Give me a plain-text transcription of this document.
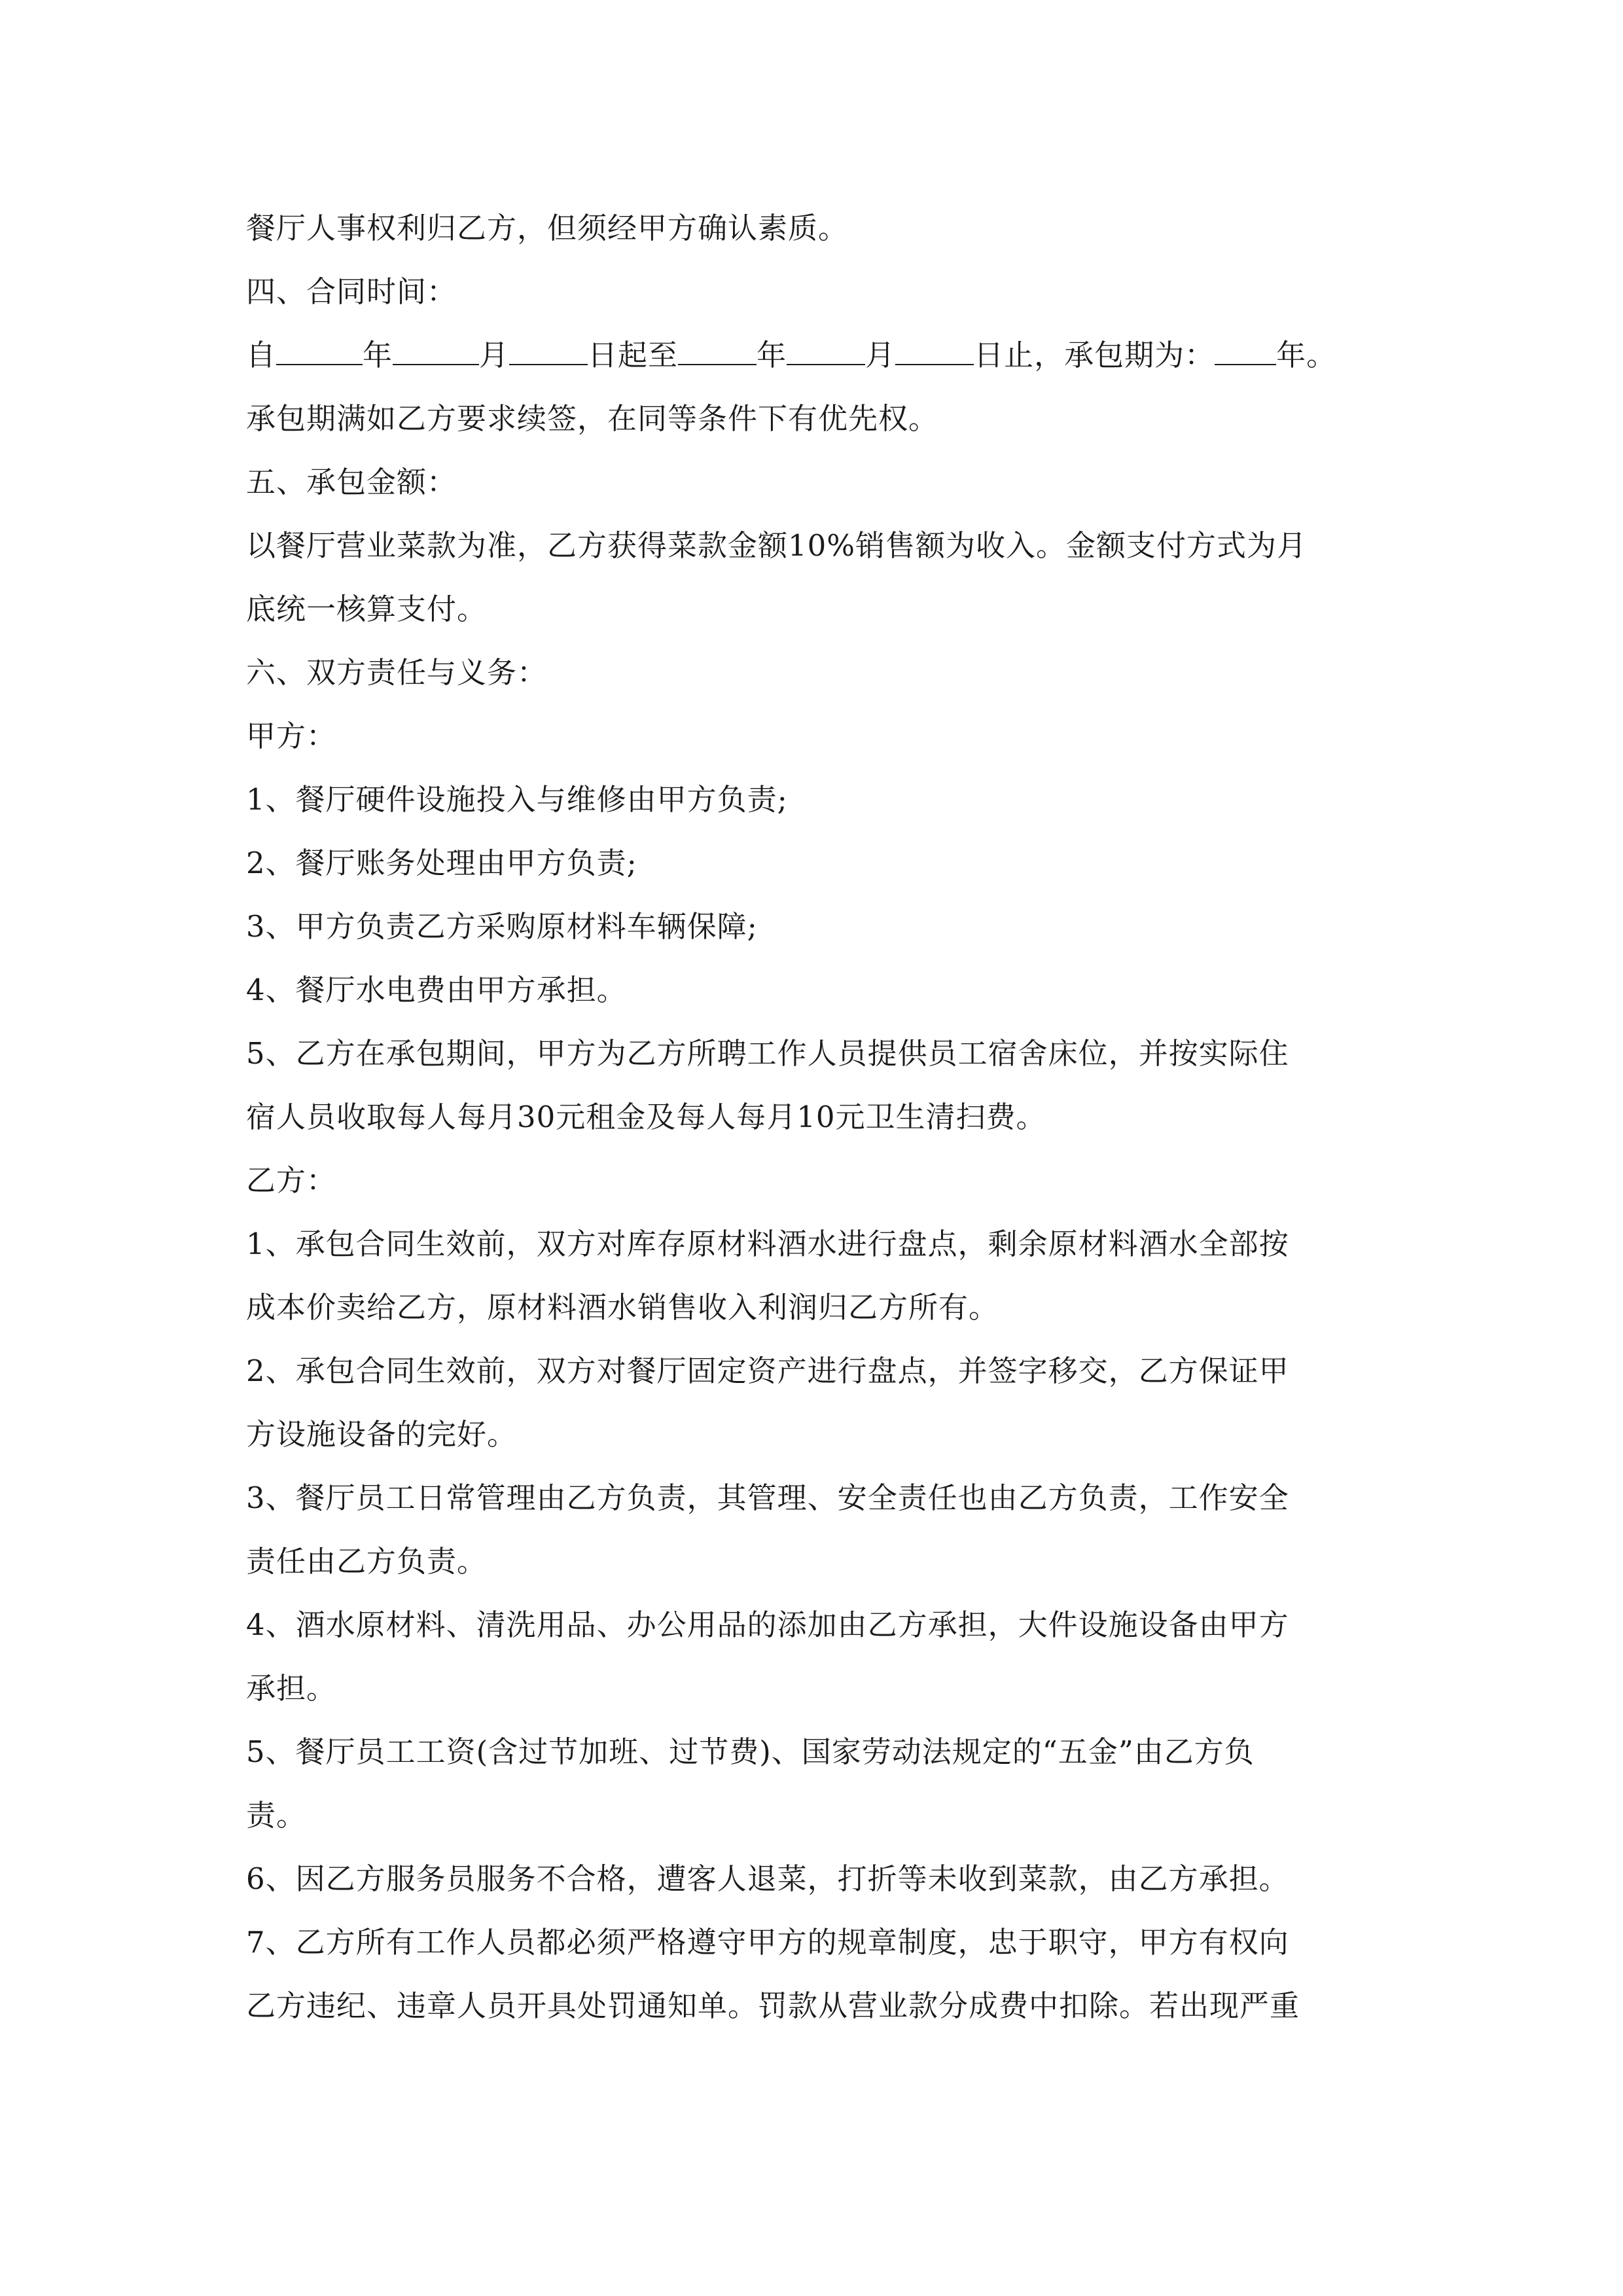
餐厅人事权利归乙方，但须经甲方确认素质。
四、合同时间：
自	年	月	日起至	年	月	日止，承包期为： 年。
承包期满如乙方要求续签，在同等条件下有优先权。
五、承包金额：
以餐厅营业菜款为准，乙方获得菜款金额10%销售额为收入。金额支付方式为月
底统一核算支付。
六、双方责任与义务：
甲方：
1、餐厅硬件设施投入与维修由甲方负责;
2、餐厅账务处理由甲方负责;
3、甲方负责乙方采购原材料车辆保障;
4、餐厅水电费由甲方承担。
5、乙方在承包期间，甲方为乙方所聘工作人员提供员工宿舍床位，并按实际住
宿人员收取每人每月30元租金及每人每月10元卫生清扫费。
乙方：
1、承包合同生效前，双方对库存原材料酒水进行盘点，剩余原材料酒水全部按
成本价卖给乙方，原材料酒水销售收入利润归乙方所有。
2、承包合同生效前，双方对餐厅固定资产进行盘点，并签字移交，乙方保证甲
方设施设备的完好。
3、餐厅员工日常管理由乙方负责，其管理、安全责任也由乙方负责，工作安全
责任由乙方负责。
4、酒水原材料、清洗用品、办公用品的添加由乙方承担，大件设施设备由甲方
承担。
5、餐厅员工工资(含过节加班、过节费)、国家劳动法规定的“五金”由乙方负
责。
6、因乙方服务员服务不合格，遭客人退菜，打折等未收到菜款，由乙方承担。
7、乙方所有工作人员都必须严格遵守甲方的规章制度，忠于职守，甲方有权向
乙方违纪、违章人员开具处罚通知单。罚款从营业款分成费中扣除。若出现严重
